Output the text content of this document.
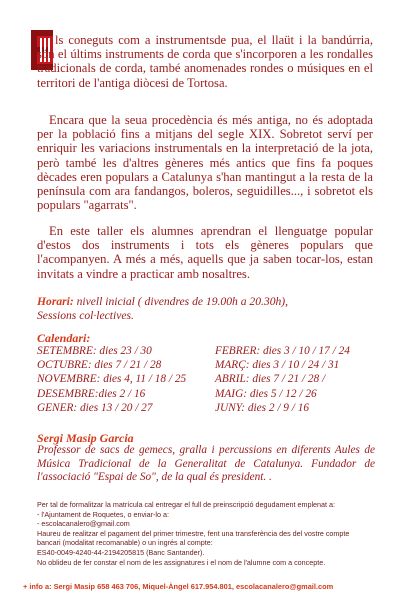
ls coneguts com a instrumentsde pua, el llaüt i la bandúrria, són el últims instruments de corda que s'incorporen a les rondalles tradicionals de corda, també anomenades rondes o músiques en el territori de l'antiga diòcesi de Tortosa.
Encara que la seua procedència és més antiga, no és adoptada per la població fins a mitjans del segle XIX. Sobretot serví per enriquir les variacions instrumentals en la interpretació de la jota, però també les d'altres gèneres més antics que fins fa poques dècades eren populars a Catalunya s'han mantingut a la resta de la península com ara fandangos, boleros, seguidilles..., i sobretot els populars "agarrats".
En este taller els alumnes aprendran el llenguatge popular d'estos dos instruments i tots els gèneres populars que l'acompanyen. A més a més, aquells que ja saben tocar-los, estan invitats a vindre a practicar amb nosaltres.
Horari: nivell inicial ( divendres de 19.00h a 20.30h),
Sessions col·lectives.
Calendari:
SETEMBRE: dies 23 / 30
OCTUBRE: dies 7 / 21 / 28
NOVEMBRE: dies 4, 11 / 18 / 25
DESEMBRE:dies 2 / 16
GENER: dies 13 / 20 / 27
FEBRER: dies 3 / 10 / 17 / 24
MARÇ: dies 3 / 10 / 24 / 31
ABRIL: dies 7 / 21 / 28 /
MAIG: dies 5 / 12 / 26
JUNY: dies 2 / 9 / 16
Sergi Masip Garcia
Professor de sacs de gemecs, gralla i percussions en diferents Aules de Música Tradicional de la Generalitat de Catalunya. Fundador de l'associació "Espai de So", de la qual és president. .
Per tal de formalitzar la matrícula cal entregar el full de preinscripció degudament emplenat a:
- l'Ajuntament de Roquetes, o enviar-lo a:
- escolacanalero@gmail.com
Haureu de realitzar el pagament del primer trimestre, fent una transferència des del vostre compte
bancari (modalitat recomanable) o un ingrés al compte:
ES40-0049-4240-44-2194205815 (Banc Santander).
No oblideu de fer constar el nom de les assignatures i el nom de l'alumne com a concepte.
+ info a: Sergi Masip 658 463 706, Miquel-Àngel 617.954.801, escolacanalero@gmail.com
